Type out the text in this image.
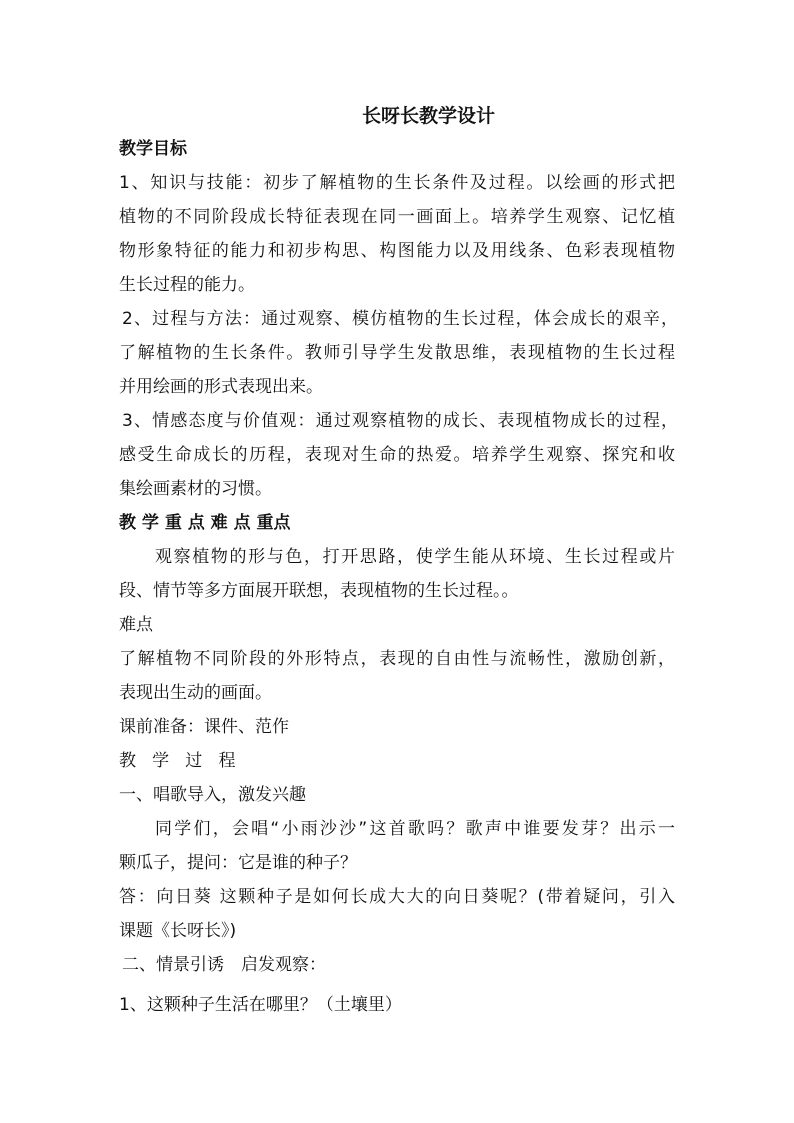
长呀长教学设计
教学目标
1、知识与技能：初步了解植物的生长条件及过程。以绘画的形式把
植物的不同阶段成长特征表现在同一画面上。培养学生观察、记忆植
物形象特征的能力和初步构思、构图能力以及用线条、色彩表现植物
生长过程的能力。
2、过程与方法：通过观察、模仿植物的生长过程，体会成长的艰辛，
了解植物的生长条件。教师引导学生发散思维，表现植物的生长过程
并用绘画的形式表现出来。
3、情感态度与价值观：通过观察植物的成长、表现植物成长的过程，
感受生命成长的历程，表现对生命的热爱。培养学生观察、探究和收
集绘画素材的习惯。
教 学 重 点 难 点 重点
观察植物的形与色，打开思路，使学生能从环境、生长过程或片
段、情节等多方面展开联想，表现植物的生长过程。。
难点
了解植物不同阶段的外形特点，表现的自由性与流畅性，激励创新，
表现出生动的画面。
课前准备：课件、范作
教学过程
一、唱歌导入，激发兴趣
同学们，会唱“小雨沙沙”这首歌吗？歌声中谁要发芽？出示一
颗瓜子，提问：它是谁的种子？
答：向日葵 这颗种子是如何长成大大的向日葵呢？(带着疑问，引入
课题《长呀长》)
二、情景引诱　启发观察：
1、这颗种子生活在哪里？（土壤里）
